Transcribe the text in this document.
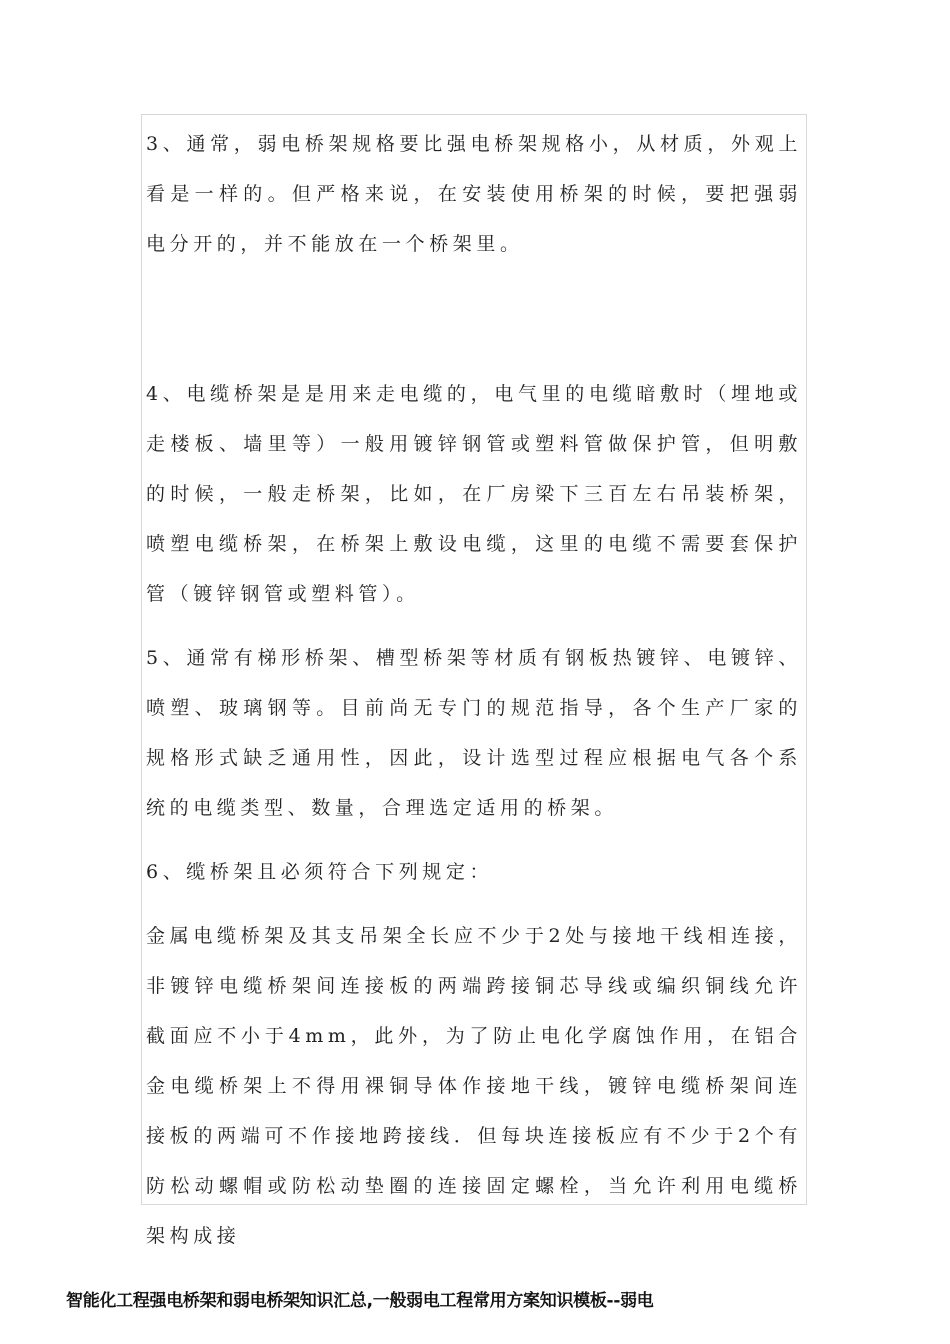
3、通常，弱电桥架规格要比强电桥架规格小，从材质，外观上看是一样的。但严格来说，在安装使用桥架的时候，要把强弱电分开的，并不能放在一个桥架里。

4、电缆桥架是是用来走电缆的，电气里的电缆暗敷时（埋地或走楼板、墙里等）一般用镀锌钢管或塑料管做保护管，但明敷的时候，一般走桥架，比如，在厂房梁下三百左右吊装桥架，喷塑电缆桥架，在桥架上敷设电缆，这里的电缆不需要套保护管（镀锌钢管或塑料管）。

5、通常有梯形桥架、槽型桥架等材质有钢板热镀锌、电镀锌、喷塑、玻璃钢等。目前尚无专门的规范指导，各个生产厂家的规格形式缺乏通用性，因此，设计选型过程应根据电气各个系统的电缆类型、数量，合理选定适用的桥架。

6、缆桥架且必须符合下列规定：

金属电缆桥架及其支吊架全长应不少于2处与接地干线相连接，非镀锌电缆桥架间连接板的两端跨接铜芯导线或编织铜线允许截面应不小于4mm，此外，为了防止电化学腐蚀作用，在铝合金电缆桥架上不得用裸铜导体作接地干线，镀锌电缆桥架间连接板的两端可不作接地跨接线．但每块连接板应有不少于2个有防松动螺帽或防松动垫圈的连接固定螺栓，当允许利用电缆桥架构成接

智能化工程强电桥架和弱电桥架知识汇总,一般弱电工程常用方案知识模板--弱电
